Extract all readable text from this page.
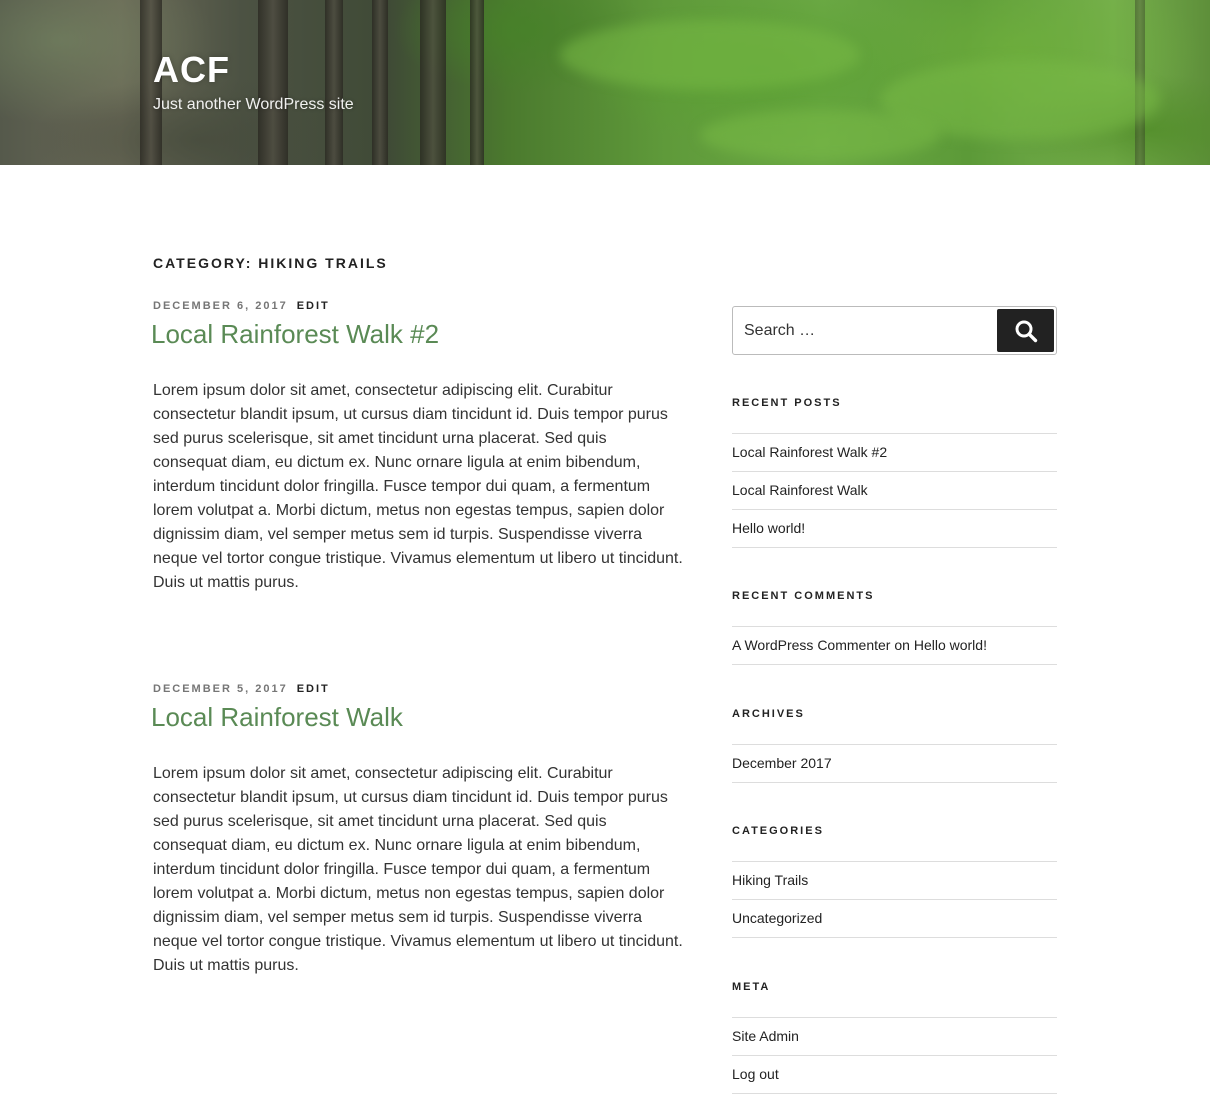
ACF
Just another WordPress site
CATEGORY: HIKING TRAILS
DECEMBER 6, 2017 EDIT
Local Rainforest Walk #2

Lorem ipsum dolor sit amet, consectetur adipiscing elit. Curabitur consectetur blandit ipsum, ut cursus diam tincidunt id. Duis tempor purus sed purus scelerisque, sit amet tincidunt urna placerat. Sed quis consequat diam, eu dictum ex. Nunc ornare ligula at enim bibendum, interdum tincidunt dolor fringilla. Fusce tempor dui quam, a fermentum lorem volutpat a. Morbi dictum, metus non egestas tempus, sapien dolor dignissim diam, vel semper metus sem id turpis. Suspendisse viverra neque vel tortor congue tristique. Vivamus elementum ut libero ut tincidunt. Duis ut mattis purus.

DECEMBER 5, 2017 EDIT
Local Rainforest Walk

Lorem ipsum dolor sit amet, consectetur adipiscing elit. Curabitur consectetur blandit ipsum, ut cursus diam tincidunt id. Duis tempor purus sed purus scelerisque, sit amet tincidunt urna placerat. Sed quis consequat diam, eu dictum ex. Nunc ornare ligula at enim bibendum, interdum tincidunt dolor fringilla. Fusce tempor dui quam, a fermentum lorem volutpat a. Morbi dictum, metus non egestas tempus, sapien dolor dignissim diam, vel semper metus sem id turpis. Suspendisse viverra neque vel tortor congue tristique. Vivamus elementum ut libero ut tincidunt. Duis ut mattis purus.

Search …
RECENT POSTS
Local Rainforest Walk #2
Local Rainforest Walk
Hello world!
RECENT COMMENTS
A WordPress Commenter on Hello world!
ARCHIVES
December 2017
CATEGORIES
Hiking Trails
Uncategorized
META
Site Admin
Log out
